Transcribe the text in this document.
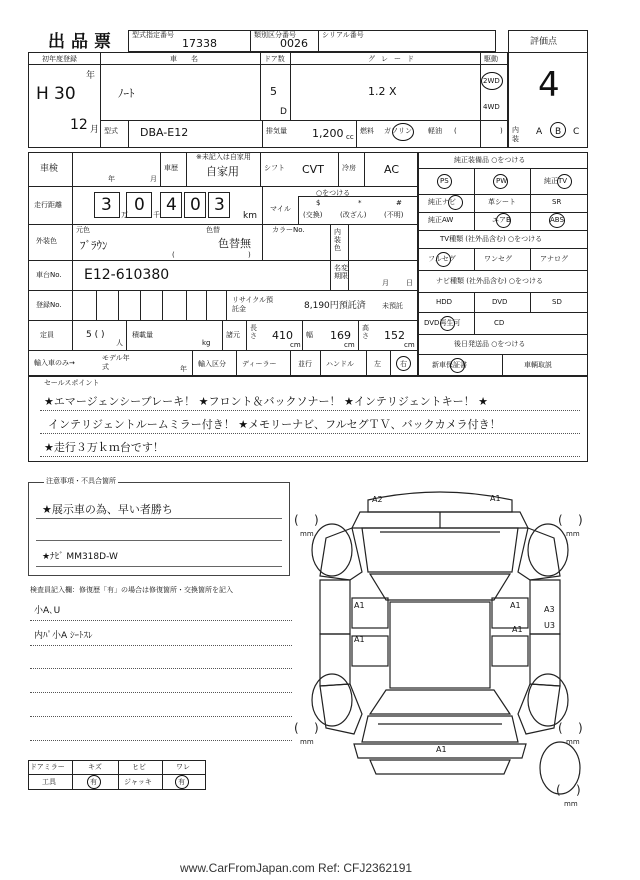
出品票 型式指定番号
17338
類別区分番号
0026
シリアル番号
評価点
4
初年度登録
H 30
年
12 月
車名
ﾉｰﾄ
ドア数
5
D
グレード
1.2 X
駆動
2WD
4WD
型式 DBA-E12	排気量 1,200 cc
燃料 ガソリン 軽油 (	) 内装
A B C
車検
年	月
車歴
※未記入は自家用
自家用	シフト CVT	冷房	AC
走行距離 3 0 4 0 3
万	千	km
マイル
○をつける
$
(交換)
*
(改ざん)
#
(不明)
外装色
元色
ﾌﾞﾗｳﾝ
色替
色替無
(	)
カラーNo.	内装色
車台No. E12-610380	名変期限
月 日
登録No.
リサイクル預託金	8,190円預託済 未預託
定員	5 ( )
人
積載量
kg
諸元
長さ 410
cm
幅 169
cm
高さ 152
cm
輸入車のみ→
モデル年式	年
輸入区分 ディーラー	並行 ハンドル	左	右
純正装備品 ○をつける
PS	PW	純正TV
純正ナビ	革シート	SR
純正AW	エアB	ABS
TV種類 (社外品含む) ○をつける
フルセグ	ワンセグ	アナログ
ナビ種類 (社外品含む) ○をつける
HDD	DVD	SD
DVD再生可	CD
後日発送品 ○をつける
新車保証書	車輌取説
セールスポイント
★エマージェンシーブレーキ！ ★フロント＆バックソナー！ ★インテリジェントキー！ ★
インテリジェントルームミラー付き！ ★メモリーナビ、フルセグＴＶ、バックカメラ付き！
★走行３万ｋｍ台です！
注意事項・不具合箇所
★展示車の為、早い者勝ち
★ﾅﾋﾞ MM318D-W
検査員記入欄：修復歴「有」の場合は修復箇所・交換箇所を記入
小A､U
内ﾊﾟ小A ｼｰﾄｽﾚ
ドアミラー	キズ	ヒビ	ワレ
工具	有	ジャッキ	有
( )	( )
( )	( )
( )
mm	mm
mm	mm
mm
A2	A1
A1	A1
A1
A3
U3
A1
A1
www.CarFromJapan.com Ref: CFJ2362191
